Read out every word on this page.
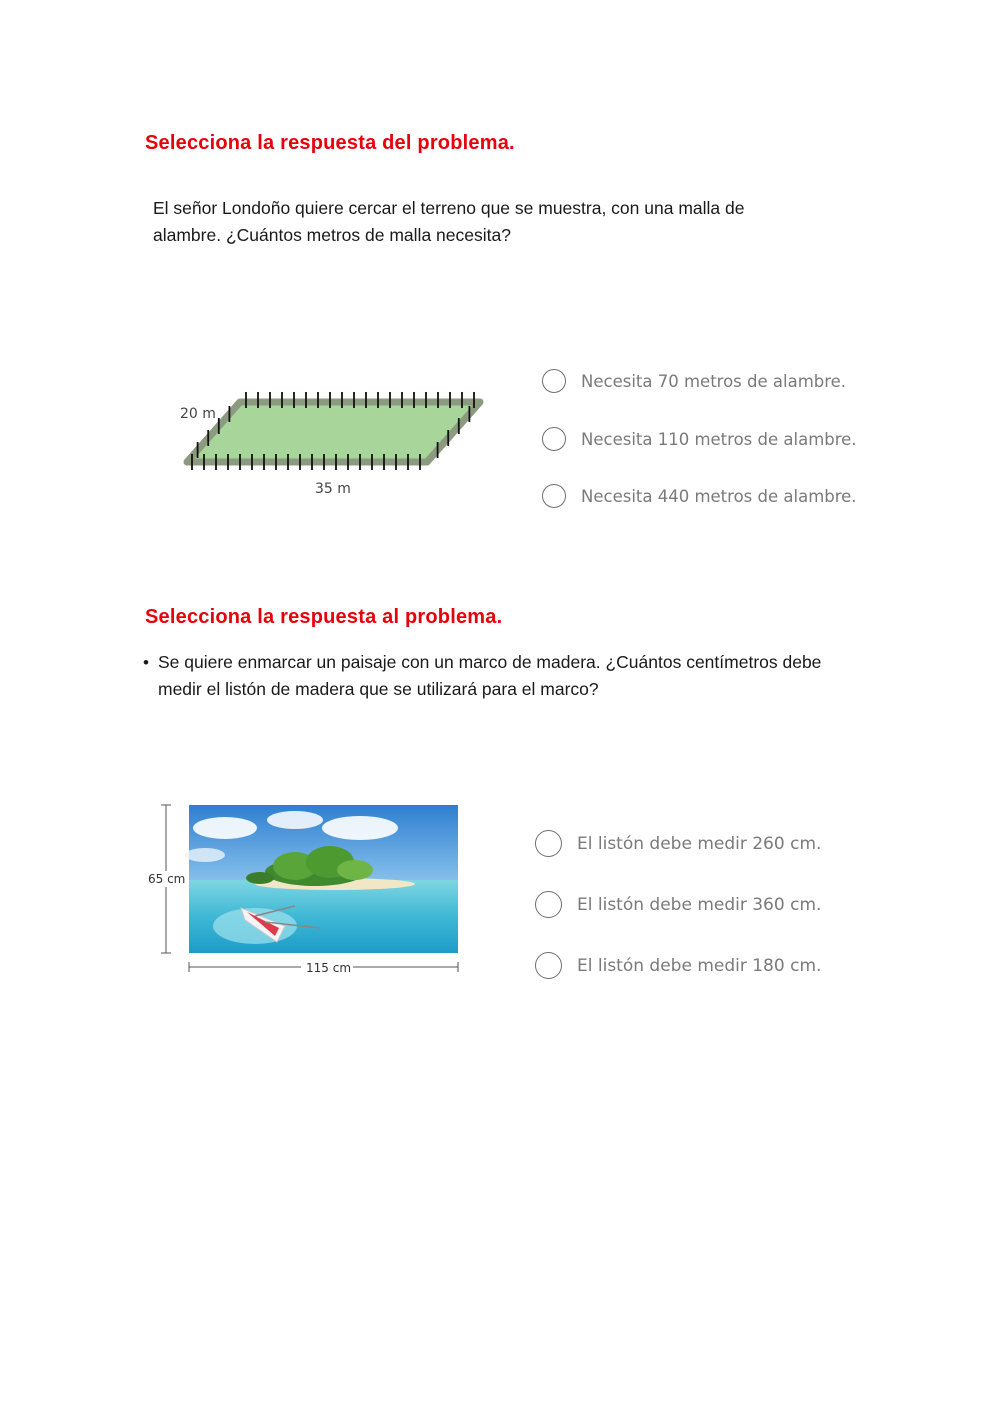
Selecciona la respuesta del problema.

El señor Londoño quiere cercar el terreno que se muestra, con una malla de
alambre. ¿Cuántos metros de malla necesita?

20 m
35 m
Necesita 70 metros de alambre.
Necesita 110 metros de alambre.
Necesita 440 metros de alambre.
Selecciona la respuesta al problema.
• Se quiere enmarcar un paisaje con un marco de madera. ¿Cuántos centímetros debe
medir el listón de madera que se utilizará para el marco?

65 cm
115 cm
El listón debe medir 260 cm.
El listón debe medir 360 cm.
El listón debe medir 180 cm.
